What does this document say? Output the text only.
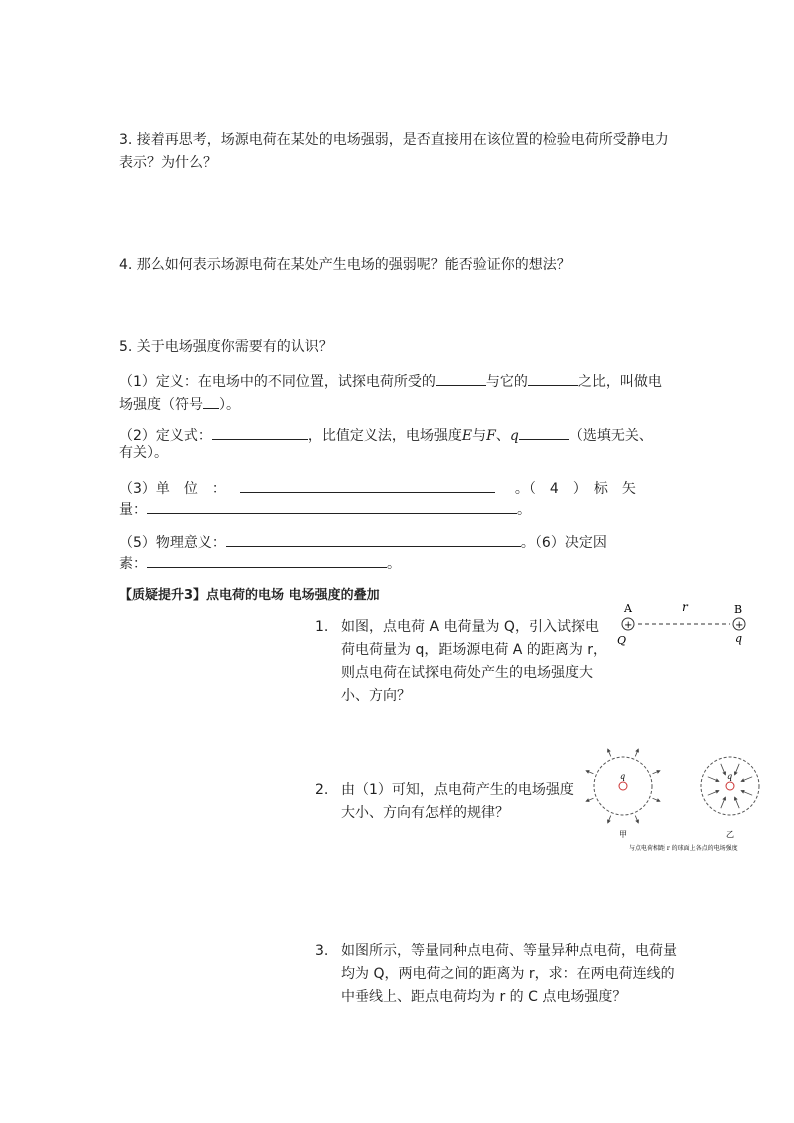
3. 接着再思考，场源电荷在某处的电场强弱，是否直接用在该位置的检验电荷所受静电力
表示？为什么？
4. 那么如何表示场源电荷在某处产生电场的强弱呢？能否验证你的想法？
5. 关于电场强度你需要有的认识？
（1）定义：在电场中的不同位置，试探电荷所受的	与它的	之比，叫做电
场强度（符号 ）。
（2）定义式：	，比值定义法，电场强度E与F、q	（选填无关、
有关）。
（3）单　位　：	。（　4　）　标　矢
量：	。
（5）物理意义：	。（6）决定因
素：	。
【质疑提升3】点电荷的电场 电场强度的叠加
1. 如图，点电荷 A 电荷量为 Q，引入试探电
荷电荷量为 q，距场源电荷 A 的距离为 r，
则点电荷在试探电荷处产生的电场强度大
小、方向？
A	r	B
+	+
Q	q
2. 由（1）可知，点电荷产生的电场强度
大小、方向有怎样的规律？
q
甲
q
乙
与点电荷相距 r 的球面上各点的电场强度
3. 如图所示，等量同种点电荷、等量异种点电荷，电荷量
均为 Q，两电荷之间的距离为 r，求：在两电荷连线的
中垂线上、距点电荷均为 r 的 C 点电场强度？
